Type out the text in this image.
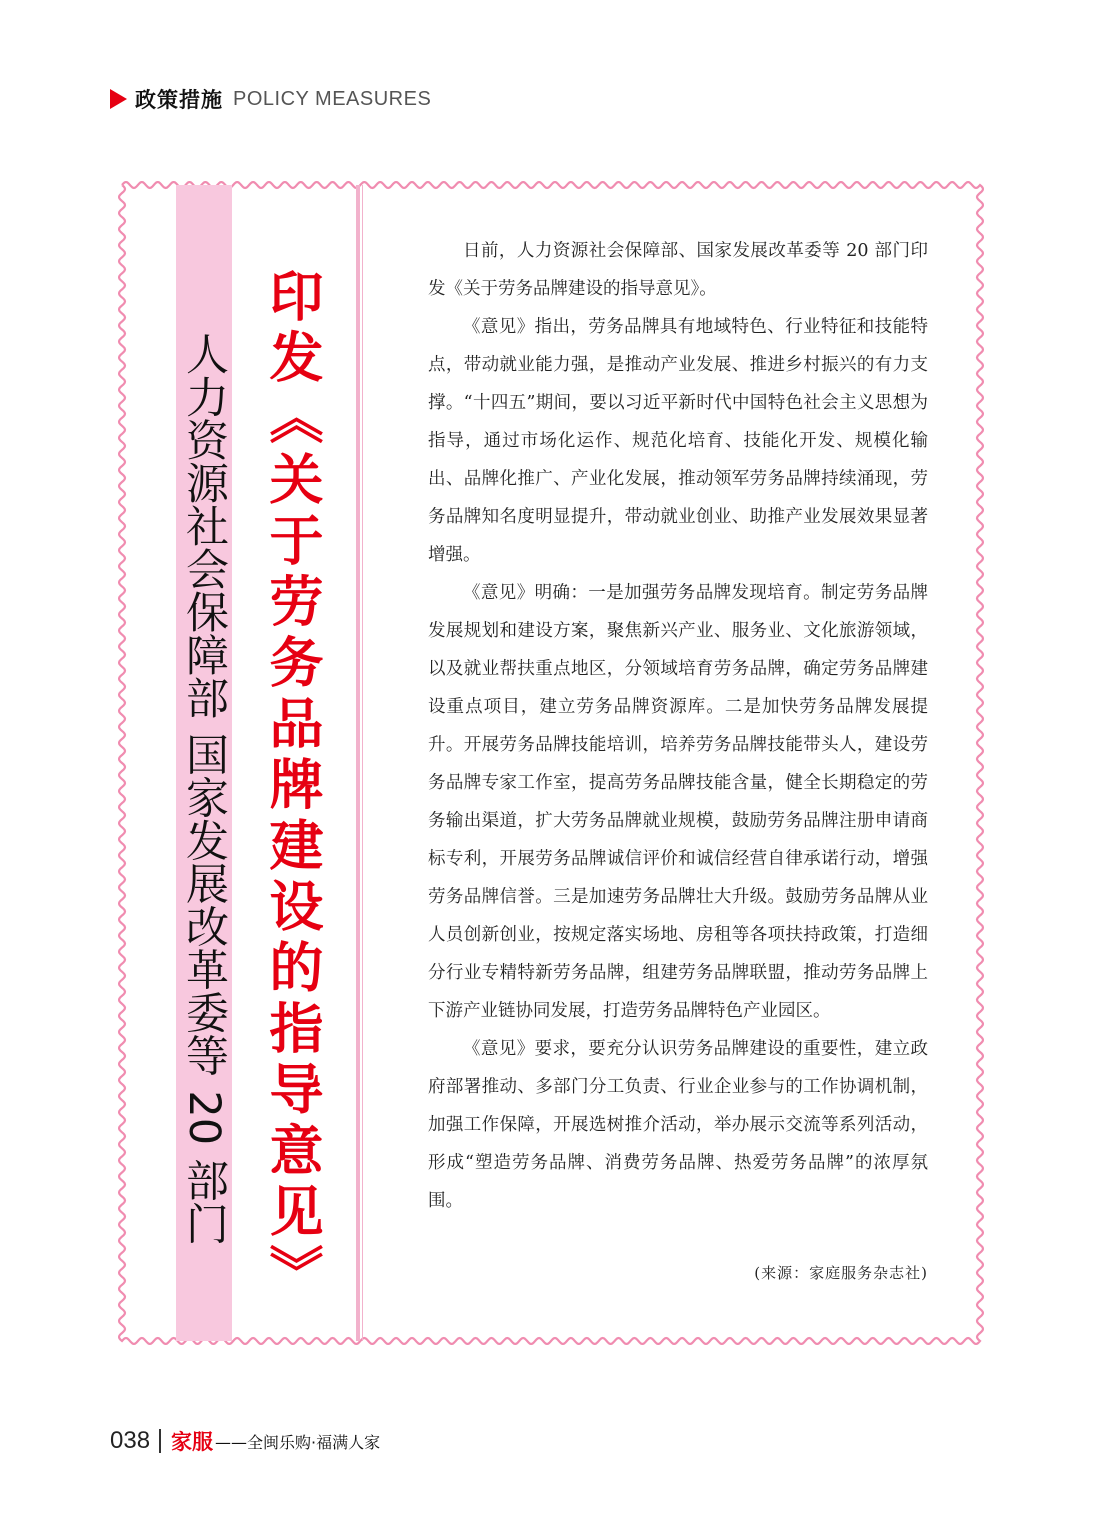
政策措施 POLICY MEASURES
人力资源社会保障部 国家发展改革委等 20 部门 印发《关于劳务品牌建设的指导意见》

日前，人力资源社会保障部、国家发展改革委等 20 部门印发《关于劳务品牌建设的指导意见》。

《意见》指出，劳务品牌具有地域特色、行业特征和技能特点，带动就业能力强，是推动产业发展、推进乡村振兴的有力支撑。“十四五”期间，要以习近平新时代中国特色社会主义思想为指导，通过市场化运作、规范化培育、技能化开发、规模化输出、品牌化推广、产业化发展，推动领军劳务品牌持续涌现，劳务品牌知名度明显提升，带动就业创业、助推产业发展效果显著增强。

《意见》明确：一是加强劳务品牌发现培育。制定劳务品牌发展规划和建设方案，聚焦新兴产业、服务业、文化旅游领域，以及就业帮扶重点地区，分领域培育劳务品牌，确定劳务品牌建设重点项目，建立劳务品牌资源库。二是加快劳务品牌发展提升。开展劳务品牌技能培训，培养劳务品牌技能带头人，建设劳务品牌专家工作室，提高劳务品牌技能含量，健全长期稳定的劳务输出渠道，扩大劳务品牌就业规模，鼓励劳务品牌注册申请商标专利，开展劳务品牌诚信评价和诚信经营自律承诺行动，增强劳务品牌信誉。三是加速劳务品牌壮大升级。鼓励劳务品牌从业人员创新创业，按规定落实场地、房租等各项扶持政策，打造细分行业专精特新劳务品牌，组建劳务品牌联盟，推动劳务品牌上下游产业链协同发展，打造劳务品牌特色产业园区。

《意见》要求，要充分认识劳务品牌建设的重要性，建立政府部署推动、多部门分工负责、行业企业参与的工作协调机制，加强工作保障，开展选树推介活动，举办展示交流等系列活动，形成“塑造劳务品牌、消费劳务品牌、热爱劳务品牌”的浓厚氛围。

(来源：家庭服务杂志社)
038 家服 ——全闽乐购·福满人家
